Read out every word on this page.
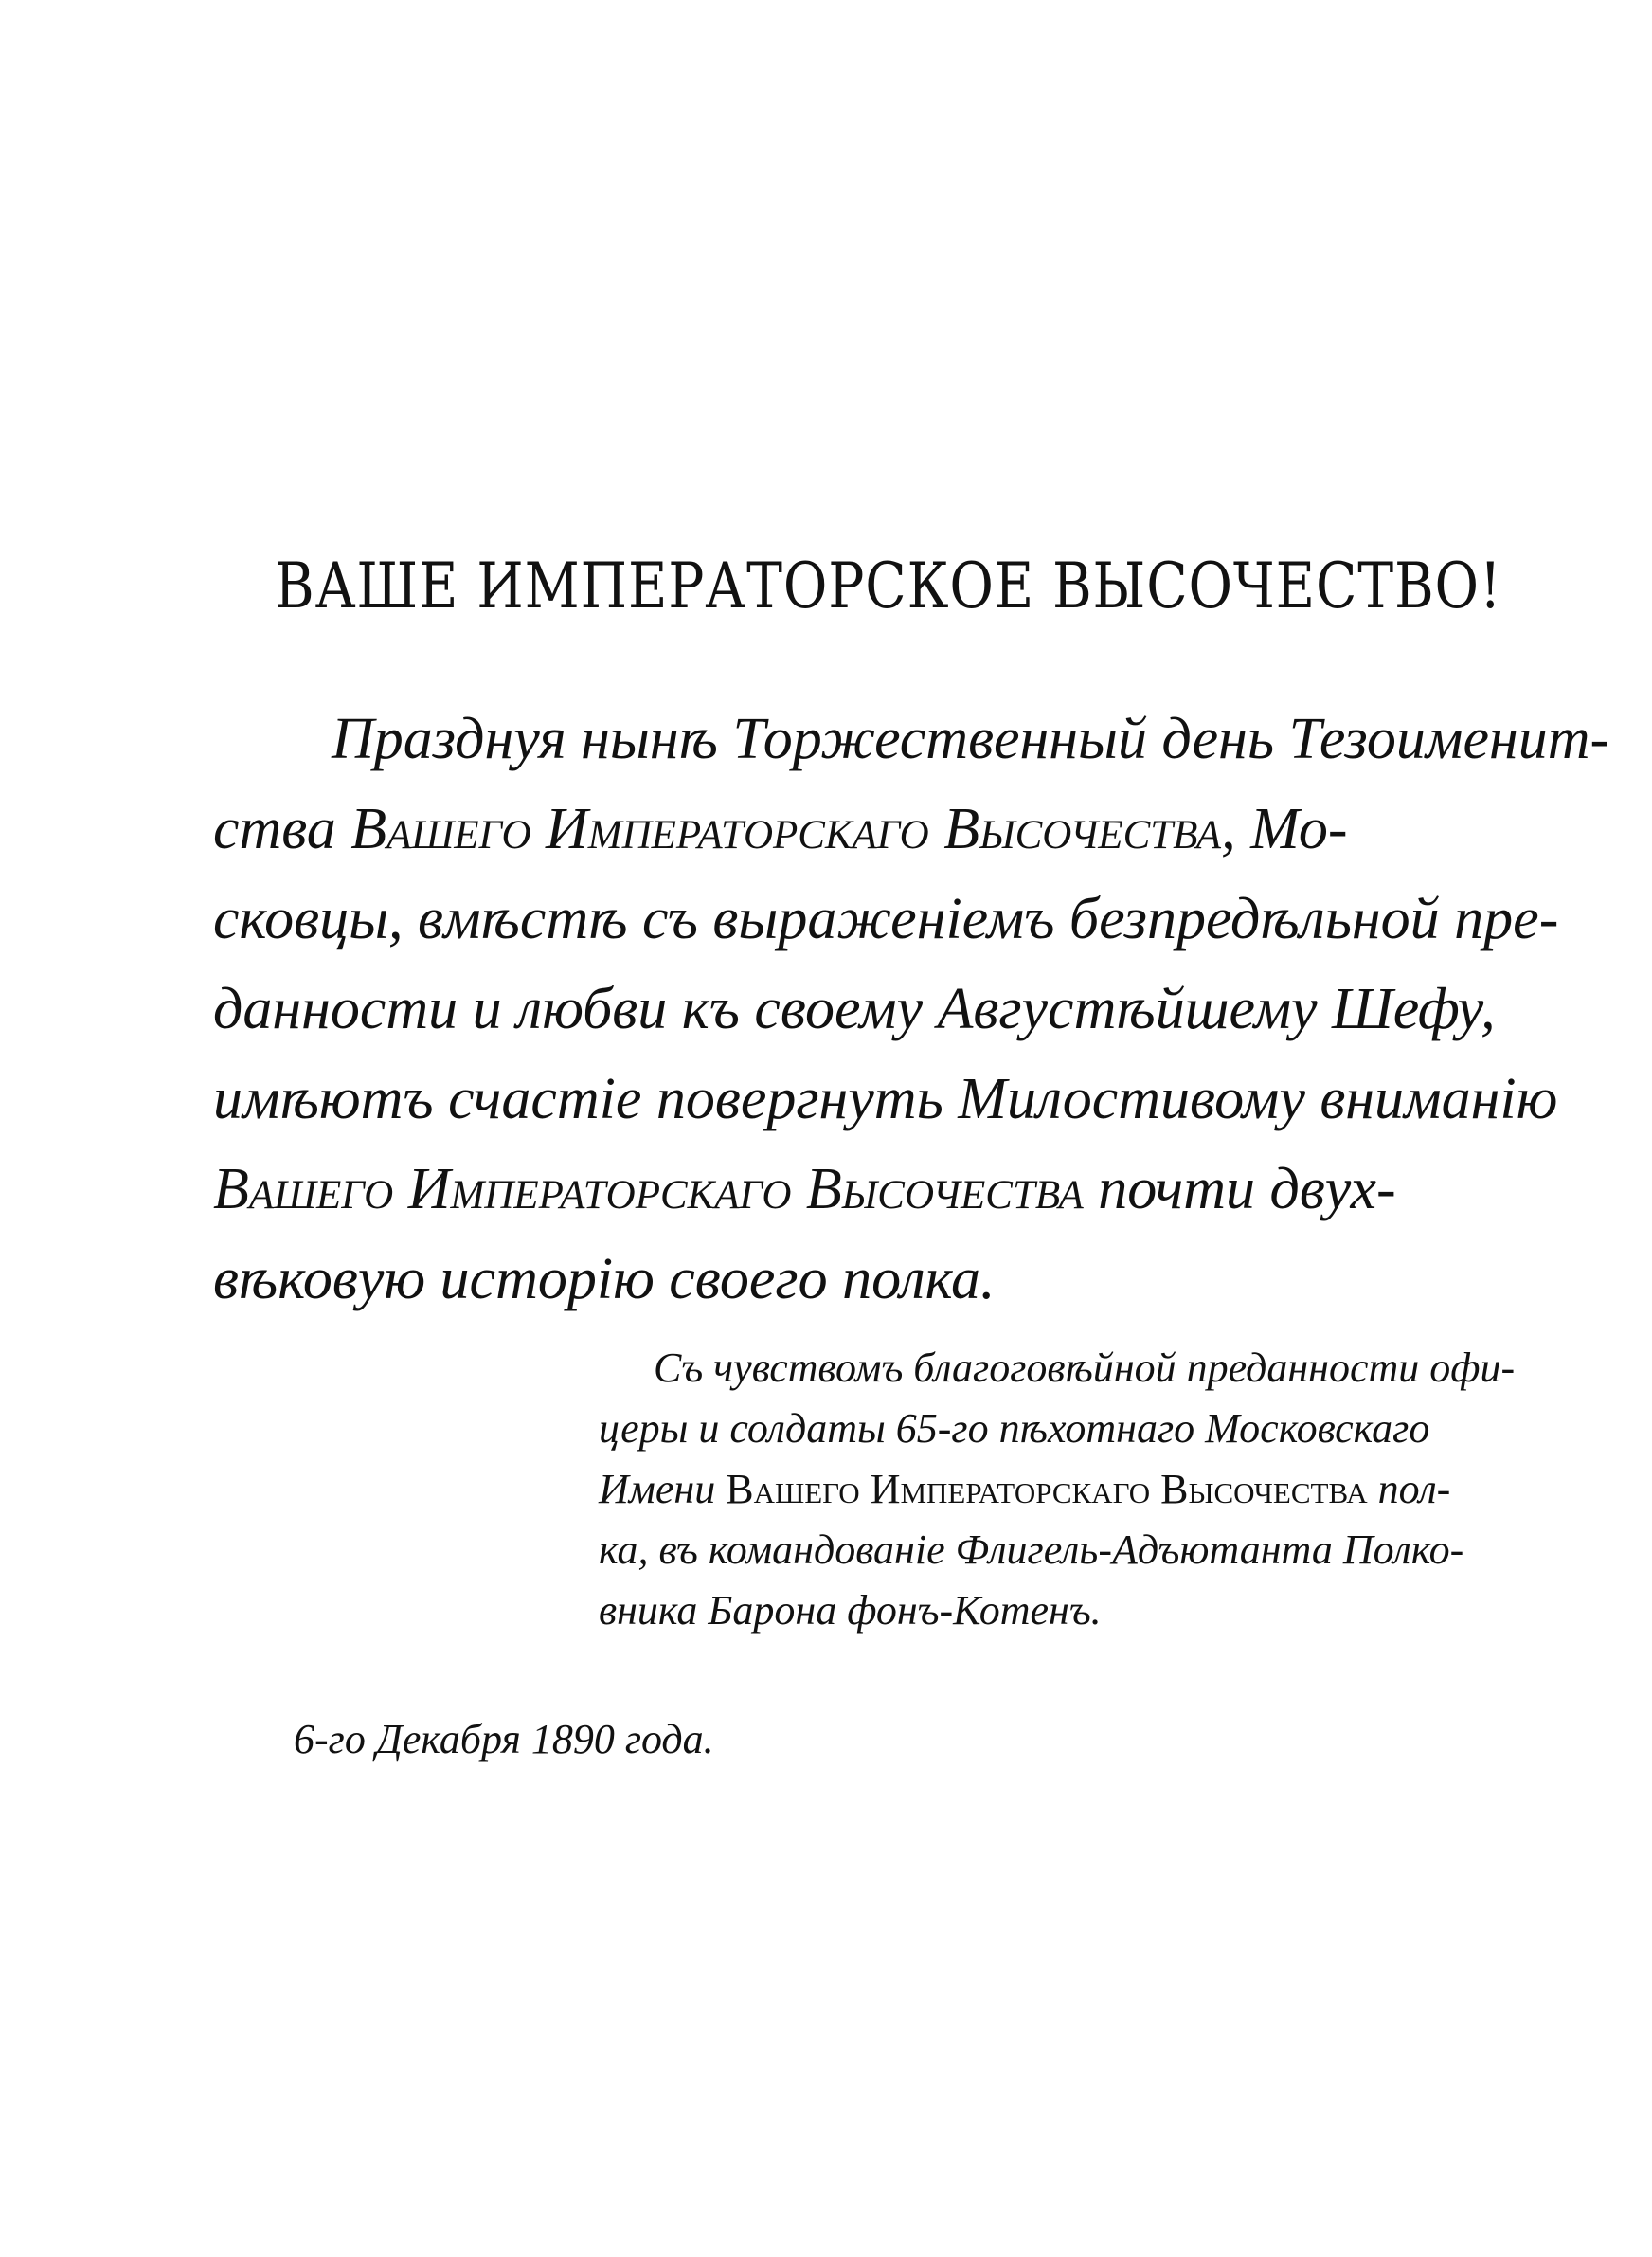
ВАШЕ ИМПЕРАТОРСКОЕ ВЫСОЧЕСТВО!
Празднуя нынѣ Торжественный день Тезоименит-
ства Вашего Императорскаго Высочества, Мо-
сковцы, вмѣстѣ съ выраженіемъ безпредѣльной пре-
данности и любви къ своему Августѣйшему Шефу,
имѣютъ счастіе повергнуть Милостивому вниманію
Вашего Императорскаго Высочества почти двух-
вѣковую исторію своего полка.
Съ чувствомъ благоговѣйной преданности офи-
церы и солдаты 65-го пѣхотнаго Московскаго
Имени Вашего Императорскаго Высочества пол-
ка, въ командованіе Флигель-Адъютанта Полко-
вника Барона фонъ-Котенъ.
6-го Декабря 1890 года.
